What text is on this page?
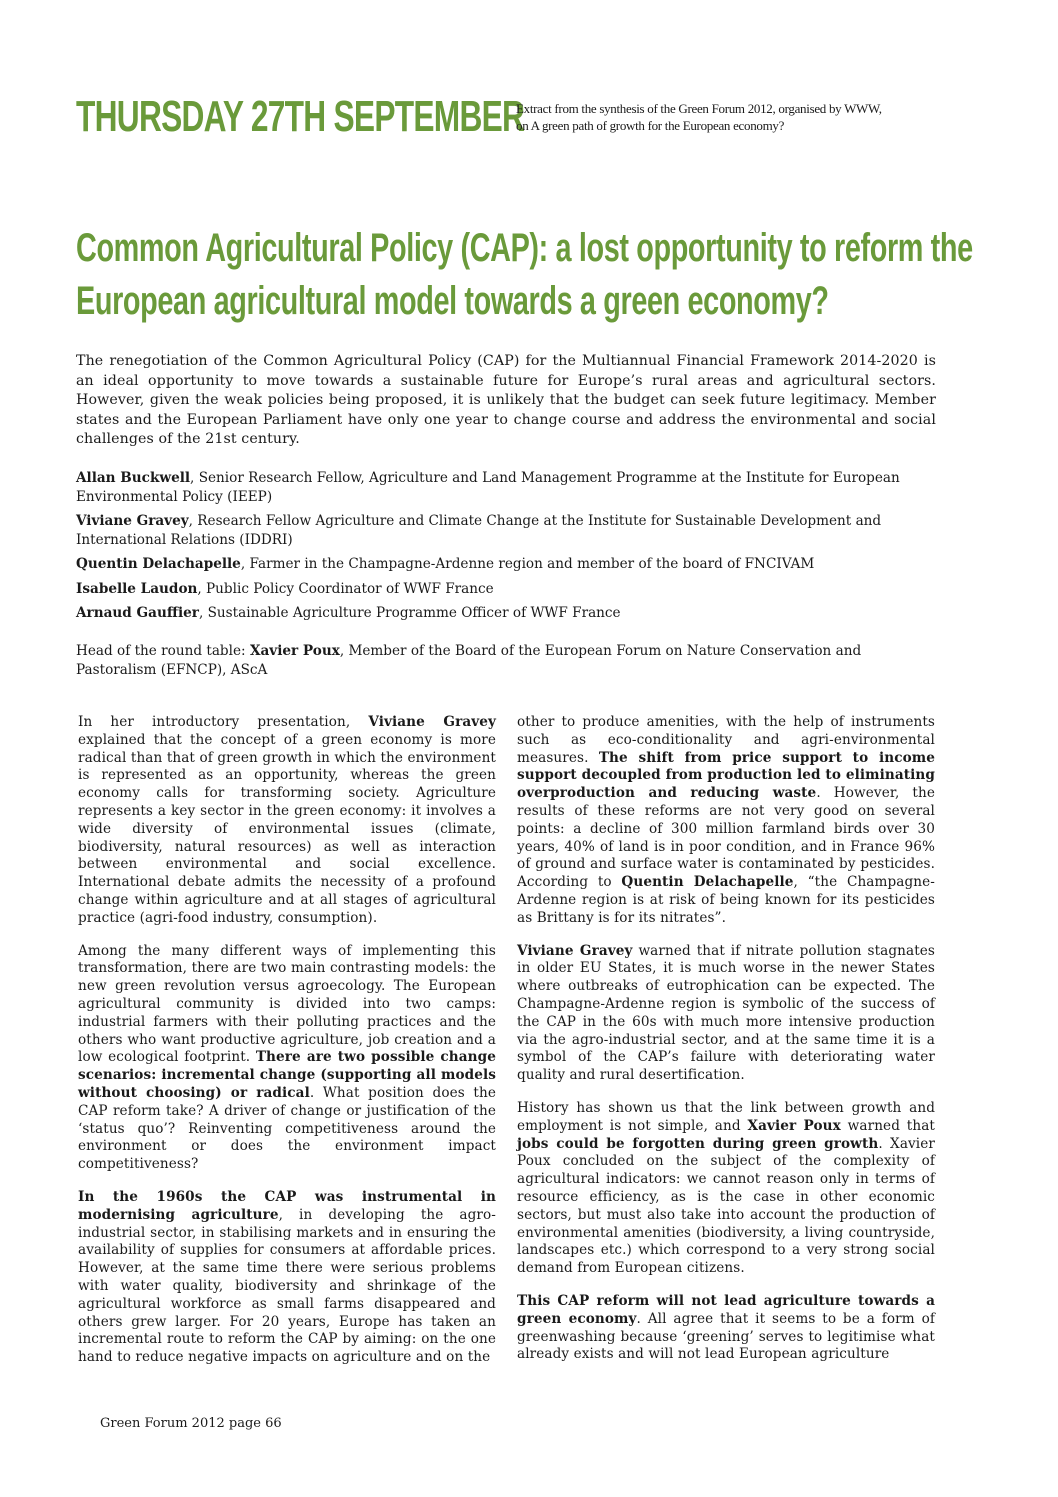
THURSDAY 27TH SEPTEMBER
Extract from the synthesis of the Green Forum 2012, organised by WWW,
on A green path of growth for the European economy?
Common Agricultural Policy (CAP): a lost opportunity to reform the
European agricultural model towards a green economy?
The renegotiation of the Common Agricultural Policy (CAP) for the Multiannual Financial Framework 2014-2020 is an ideal opportunity to move towards a sustainable future for Europe’s rural areas and agricultural sectors. However, given the weak policies being proposed, it is unlikely that the budget can seek future legitimacy. Member states and the European Parliament have only one year to change course and address the environmental and social challenges of the 21st century.

Allan Buckwell, Senior Research Fellow, Agriculture and Land Management Programme at the Institute for European Environmental Policy (IEEP)

Viviane Gravey, Research Fellow Agriculture and Climate Change at the Institute for Sustainable Development and International Relations (IDDRI)

Quentin Delachapelle, Farmer in the Champagne-Ardenne region and member of the board of FNCIVAM

Isabelle Laudon, Public Policy Coordinator of WWF France

Arnaud Gauffier, Sustainable Agriculture Programme Officer of WWF France

Head of the round table: Xavier Poux, Member of the Board of the European Forum on Nature Conservation and Pastoralism (EFNCP), AScA

In her introductory presentation, Viviane Gravey explained that the concept of a green economy is more radical than that of green growth in which the environment is represented as an opportunity, whereas the green economy calls for transforming society. Agriculture represents a key sector in the green economy: it involves a wide diversity of environmental issues (climate, biodiversity, natural resources) as well as interaction between environmental and social excellence. International debate admits the necessity of a profound change within agriculture and at all stages of agricultural practice (agri-food industry, consumption).

Among the many different ways of implementing this transformation, there are two main contrasting models: the new green revolution versus agroecology. The European agricultural community is divided into two camps: industrial farmers with their polluting practices and the others who want productive agriculture, job creation and a low ecological footprint. There are two possible change scenarios: incremental change (supporting all models without choosing) or radical. What position does the CAP reform take? A driver of change or justification of the ‘status quo’? Reinventing competitiveness around the environment or does the environment impact competitiveness?

In the 1960s the CAP was instrumental in modernising agriculture, in developing the agro-industrial sector, in stabilising markets and in ensuring the availability of supplies for consumers at affordable prices. However, at the same time there were serious problems with water quality, biodiversity and shrinkage of the agricultural workforce as small farms disappeared and others grew larger. For 20 years, Europe has taken an incremental route to reform the CAP by aiming: on the one hand to reduce negative impacts on agriculture and on the

other to produce amenities, with the help of instruments such as eco-conditionality and agri-environmental measures. The shift from price support to income support decoupled from production led to eliminating overproduction and reducing waste. However, the results of these reforms are not very good on several points: a decline of 300 million farmland birds over 30 years, 40% of land is in poor condition, and in France 96% of ground and surface water is contaminated by pesticides. According to Quentin Delachapelle, “the Champagne-Ardenne region is at risk of being known for its pesticides as Brittany is for its nitrates”.

Viviane Gravey warned that if nitrate pollution stagnates in older EU States, it is much worse in the newer States where outbreaks of eutrophication can be expected. The Champagne-Ardenne region is symbolic of the success of the CAP in the 60s with much more intensive production via the agro-industrial sector, and at the same time it is a symbol of the CAP’s failure with deteriorating water quality and rural desertification.

History has shown us that the link between growth and employment is not simple, and Xavier Poux warned that jobs could be forgotten during green growth. Xavier Poux concluded on the subject of the complexity of agricultural indicators: we cannot reason only in terms of resource efficiency, as is the case in other economic sectors, but must also take into account the production of environmental amenities (biodiversity, a living countryside, landscapes etc.) which correspond to a very strong social demand from European citizens.

This CAP reform will not lead agriculture towards a green economy. All agree that it seems to be a form of greenwashing because ‘greening’ serves to legitimise what already exists and will not lead European agriculture

Green Forum 2012 page 66
